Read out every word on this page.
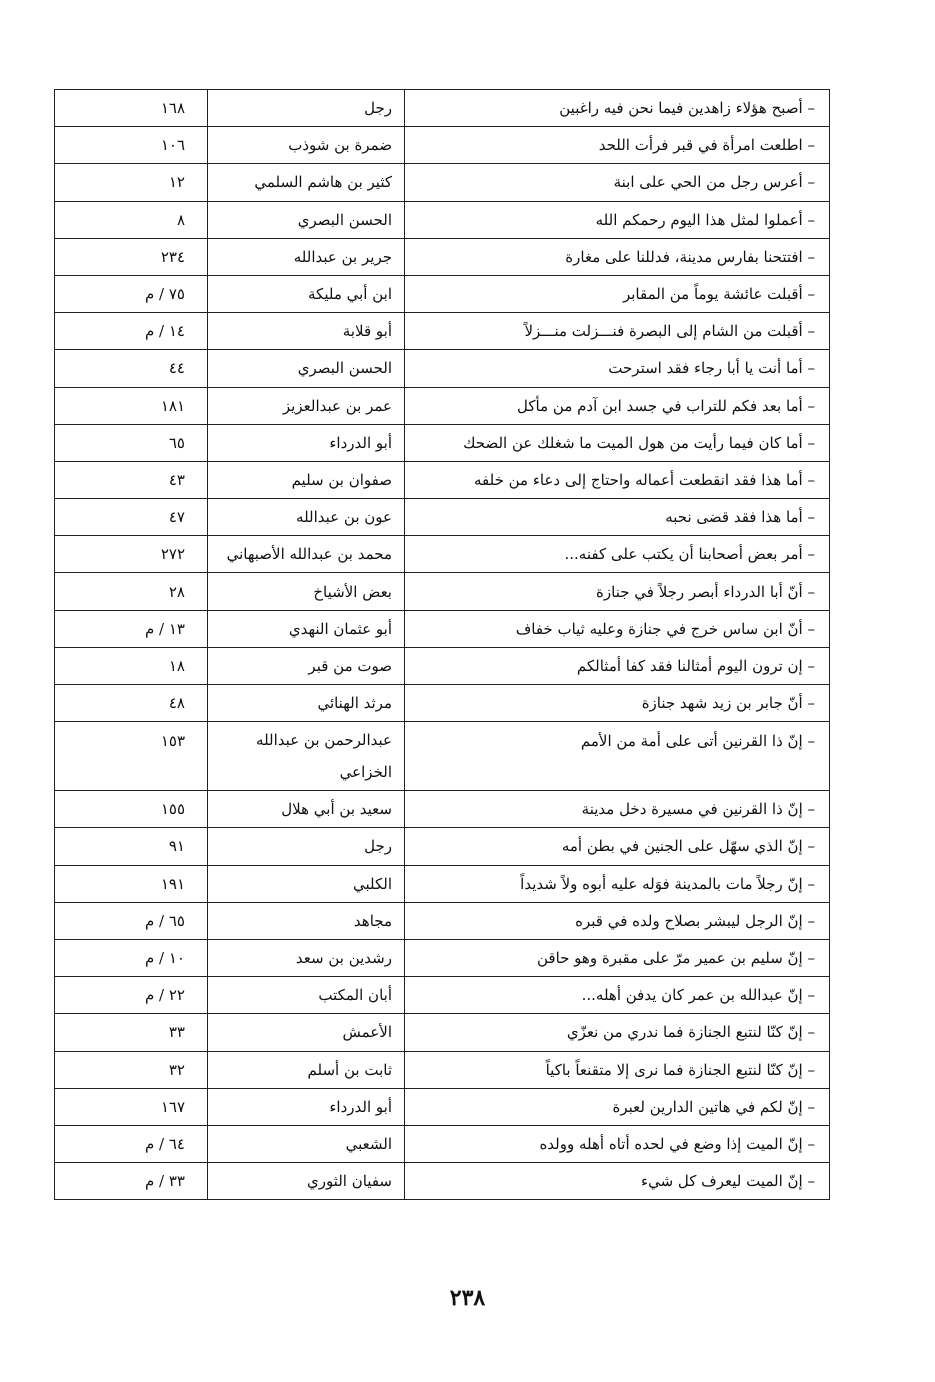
– أصبح هؤلاء زاهدين فيما نحن فيه راغبين	رجل	١٦٨
– اطلعت امرأة في قبر فرأت اللحد	ضمرة بن شوذب	١٠٦
– أعرس رجل من الحي على ابنة	كثير بن هاشم السلمي	١٢
– أعملوا لمثل هذا اليوم رحمكم الله	الحسن البصري	٨
– افتتحنا بفارس مدينة، فدللنا على مغارة	جرير بن عبدالله	٢٣٤
– أقبلت عائشة يوماً من المقابر	ابن أبي مليكة	٧٥ / م
– أقبلت من الشام إلى البصرة فنـــزلت منـــزلاً	أبو قلابة	١٤ / م
– أما أنت يا أبا رجاء فقد استرحت	الحسن البصري	٤٤
– أما بعد فكم للتراب في جسد ابن آدم من مأكل	عمر بن عبدالعزيز	١٨١
– أما كان فيما رأيت من هول الميت ما شغلك عن الضحك	أبو الدرداء	٦٥
– أما هذا فقد انقطعت أعماله واحتاج إلى دعاء من خلفه	صفوان بن سليم	٤٣
– أما هذا فقد قضى نحبه	عون بن عبدالله	٤٧
– أمر بعض أصحابنا أن يكتب على كفنه...	محمد بن عبدالله الأصبهاني	٢٧٢
– أنّ أبا الدرداء أبصر رجلاً في جنازة	بعض الأشياخ	٢٨
– أنّ ابن ساس خرج في جنازة وعليه ثياب خفاف	أبو عثمان النهدي	١٣ / م
– إن ترون اليوم أمثالنا فقد كفا أمثالكم	صوت من قبر	١٨
– أنّ جابر بن زيد شهد جنازة	مرثد الهنائي	٤٨
– إنّ ذا القرنين أتى على أمة من الأمم	عبدالرحمن بن عبدالله الخزاعي	١٥٣
– إنّ ذا القرنين في مسيرة دخل مدينة	سعيد بن أبي هلال	١٥٥
– إنّ الذي سهّل على الجنين في بطن أمه	رجل	٩١
– إنّ رجلاً مات بالمدينة فوَله عليه أبوه ولاً شديداً	الكلبي	١٩١
– إنّ الرجل ليبشر بصلاح ولده في قبره	مجاهد	٦٥ / م
– إنّ سليم بن عمير مرّ على مقبرة وهو حاقن	رشدين بن سعد	١٠ / م
– إنّ عبدالله بن عمر كان يدفن أهله...	أبان المكتب	٢٢ / م
– إنّ كنّا لنتبع الجنازة فما ندري من نعزّي	الأعمش	٣٣
– إنّ كنّا لنتبع الجنازة فما نرى إلا متقنعاً باكياً	ثابت بن أسلم	٣٢
– إنّ لكم في هاتين الدارين لعبرة	أبو الدرداء	١٦٧
– إنّ الميت إذا وضع في لحده أتاه أهله وولده	الشعبي	٦٤ / م
– إنّ الميت ليعرف كل شيء	سفيان الثوري	٣٣ / م
٢٣٨
